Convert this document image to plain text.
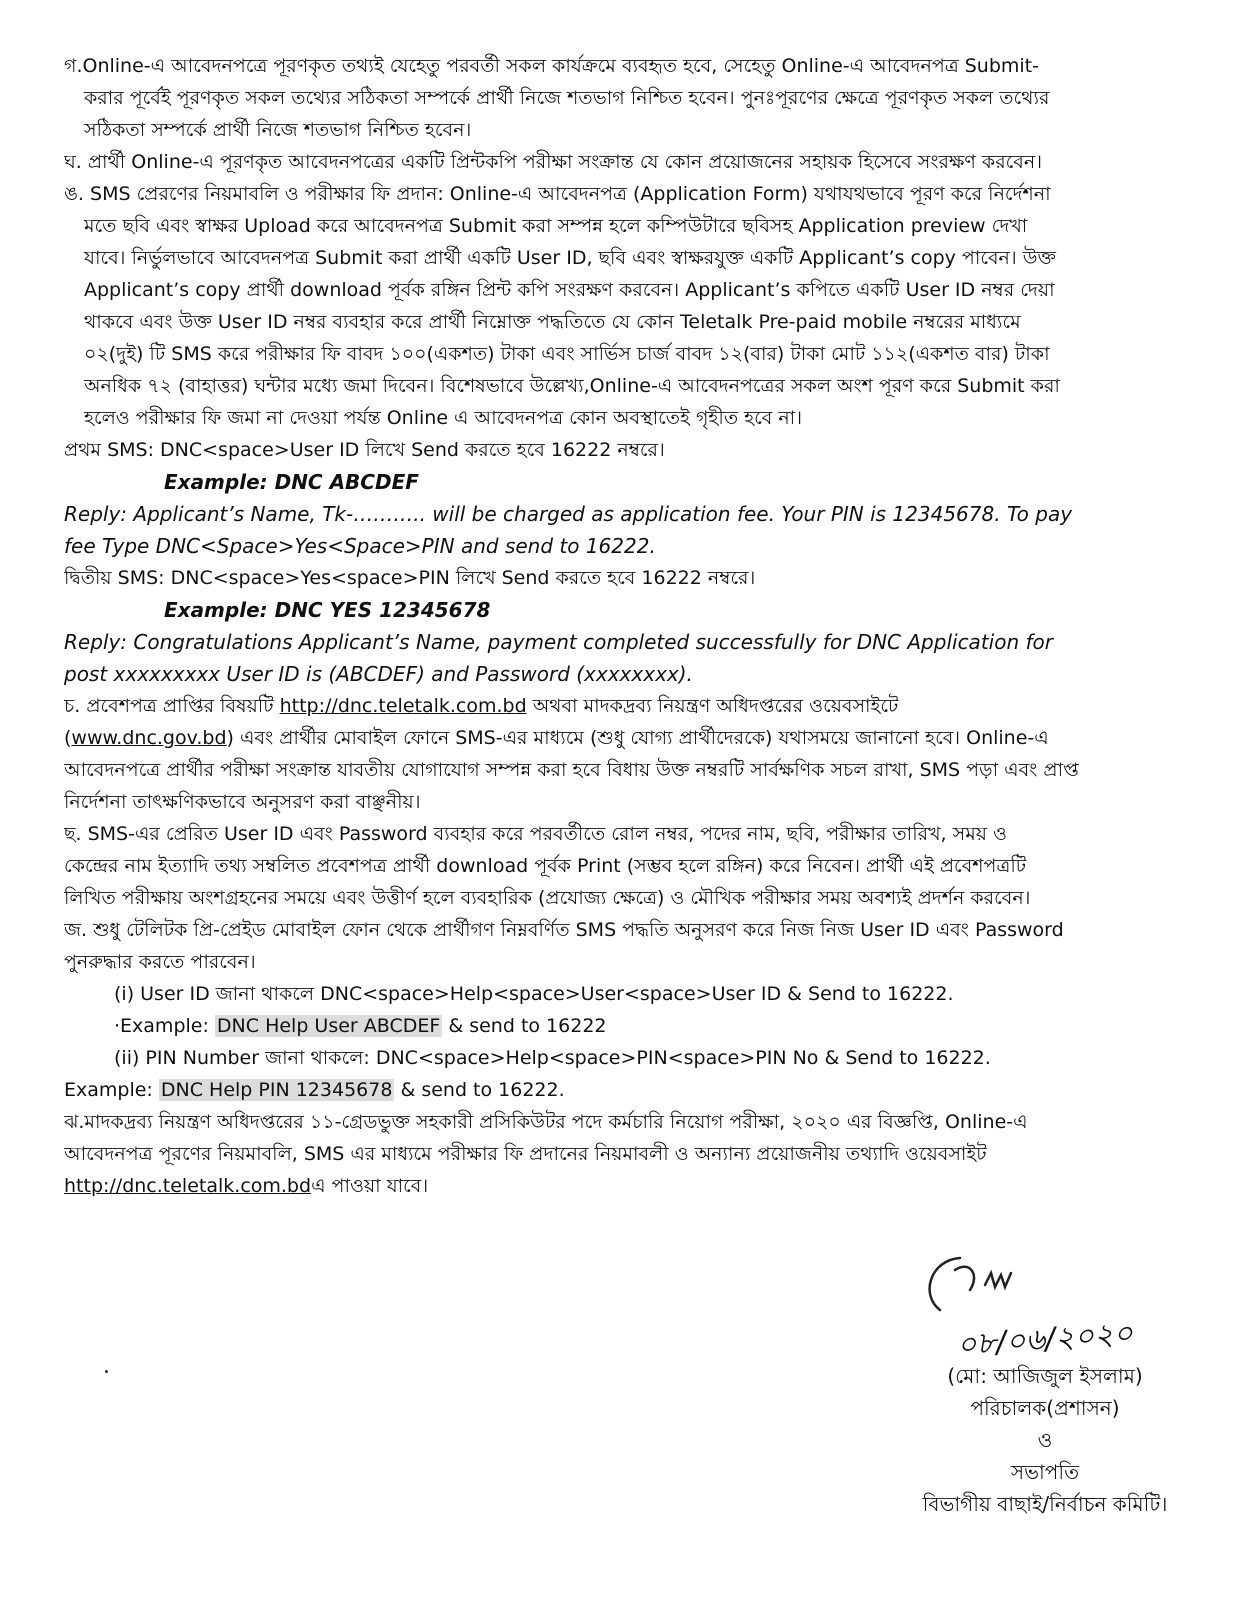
গ.Online-এ আবেদনপত্রে পূরণকৃত তথ্যই যেহেতু পরবর্তী সকল কার্যক্রমে ব্যবহৃত হবে, সেহেতু Online-এ আবেদনপত্র Submit-
করার পূর্বেই পূরণকৃত সকল তথ্যের সঠিকতা সম্পর্কে প্রার্থী নিজে শতভাগ নিশ্চিত হবেন। পুনঃপূরণের ক্ষেত্রে পূরণকৃত সকল তথ্যের
সঠিকতা সম্পর্কে প্রার্থী নিজে শতভাগ নিশ্চিত হবেন।
ঘ. প্রার্থী Online-এ পূরণকৃত আবেদনপত্রের একটি প্রিন্টকপি পরীক্ষা সংক্রান্ত যে কোন প্রয়োজনের সহায়ক হিসেবে সংরক্ষণ করবেন।
ঙ. SMS প্রেরণের নিয়মাবলি ও পরীক্ষার ফি প্রদান: Online-এ আবেদনপত্র (Application Form) যথাযথভাবে পূরণ করে নির্দেশনা
মতে ছবি এবং স্বাক্ষর Upload করে আবেদনপত্র Submit করা সম্পন্ন হলে কম্পিউটারে ছবিসহ Application preview দেখা
যাবে। নির্ভুলভাবে আবেদনপত্র Submit করা প্রার্থী একটি User ID, ছবি এবং স্বাক্ষরযুক্ত একটি Applicant’s copy পাবেন। উক্ত
Applicant’s copy প্রার্থী download পূর্বক রঙ্গিন প্রিন্ট কপি সংরক্ষণ করবেন। Applicant’s কপিতে একটি User ID নম্বর দেয়া
থাকবে এবং উক্ত User ID নম্বর ব্যবহার করে প্রার্থী নিম্নোক্ত পদ্ধতিতে যে কোন Teletalk Pre-paid mobile নম্বরের মাধ্যমে
০২(দুই) টি SMS করে পরীক্ষার ফি বাবদ ১০০(একশত) টাকা এবং সার্ভিস চার্জ বাবদ ১২(বার) টাকা মোট ১১২(একশত বার) টাকা
অনধিক ৭২ (বাহাত্তর) ঘন্টার মধ্যে জমা দিবেন। বিশেষভাবে উল্লেখ্য,Online-এ আবেদনপত্রের সকল অংশ পূরণ করে Submit করা
হলেও পরীক্ষার ফি জমা না দেওয়া পর্যন্ত Online এ আবেদনপত্র কোন অবস্থাতেই গৃহীত হবে না।
প্রথম SMS: DNC<space>User ID লিখে Send করতে হবে 16222 নম্বরে।
Example: DNC ABCDEF
Reply: Applicant’s Name, Tk-……….. will be charged as application fee. Your PIN is 12345678. To pay
fee Type DNC<Space>Yes<Space>PIN and send to 16222.
দ্বিতীয় SMS: DNC<space>Yes<space>PIN লিখে Send করতে হবে 16222 নম্বরে।
Example: DNC YES 12345678
Reply: Congratulations Applicant’s Name, payment completed successfully for DNC Application for
post xxxxxxxxx User ID is (ABCDEF) and Password (xxxxxxxx).
চ. প্রবেশপত্র প্রাপ্তির বিষয়টি http://dnc.teletalk.com.bd অথবা মাদকদ্রব্য নিয়ন্ত্রণ অধিদপ্তরের ওয়েবসাইটে
(www.dnc.gov.bd) এবং প্রার্থীর মোবাইল ফোনে SMS-এর মাধ্যমে (শুধু যোগ্য প্রার্থীদেরকে) যথাসময়ে জানানো হবে। Online-এ
আবেদনপত্রে প্রার্থীর পরীক্ষা সংক্রান্ত যাবতীয় যোগাযোগ সম্পন্ন করা হবে বিধায় উক্ত নম্বরটি সার্বক্ষণিক সচল রাখা, SMS পড়া এবং প্রাপ্ত
নির্দেশনা তাৎক্ষণিকভাবে অনুসরণ করা বাঞ্ছনীয়।
ছ. SMS-এর প্রেরিত User ID এবং Password ব্যবহার করে পরবর্তীতে রোল নম্বর, পদের নাম, ছবি, পরীক্ষার তারিখ, সময় ও
কেন্দ্রের নাম ইত্যাদি তথ্য সম্বলিত প্রবেশপত্র প্রার্থী download পূর্বক Print (সম্ভব হলে রঙ্গিন) করে নিবেন। প্রার্থী এই প্রবেশপত্রটি
লিখিত পরীক্ষায় অংশগ্রহনের সময়ে এবং উত্তীর্ণ হলে ব্যবহারিক (প্রযোজ্য ক্ষেত্রে) ও মৌখিক পরীক্ষার সময় অবশ্যই প্রদর্শন করবেন।
জ. শুধু টেলিটক প্রি-প্রেইড মোবাইল ফোন থেকে প্রার্থীগণ নিম্নবর্ণিত SMS পদ্ধতি অনুসরণ করে নিজ নিজ User ID এবং Password
পুনরুদ্ধার করতে পারবেন।
(i) User ID জানা থাকলে DNC<space>Help<space>User<space>User ID & Send to 16222.
·Example: DNC Help User ABCDEF & send to 16222
(ii) PIN Number জানা থাকলে: DNC<space>Help<space>PIN<space>PIN No & Send to 16222.
Example: DNC Help PIN 12345678 & send to 16222.
ঝ.মাদকদ্রব্য নিয়ন্ত্রণ অধিদপ্তরের ১১-গ্রেডভুক্ত সহকারী প্রসিকিউটর পদে কর্মচারি নিয়োগ পরীক্ষা, ২০২০ এর বিজ্ঞপ্তি, Online-এ
আবেদনপত্র পূরণের নিয়মাবলি, SMS এর মাধ্যমে পরীক্ষার ফি প্রদানের নিয়মাবলী ও অন্যান্য প্রয়োজনীয় তথ্যাদি ওয়েবসাইট
http://dnc.teletalk.com.bdএ পাওয়া যাবে।
০৮/০৬/২০২০
(মো: আজিজুল ইসলাম)
পরিচালক(প্রশাসন)
ও
সভাপতি
বিভাগীয় বাছাই/নির্বাচন কমিটি।
